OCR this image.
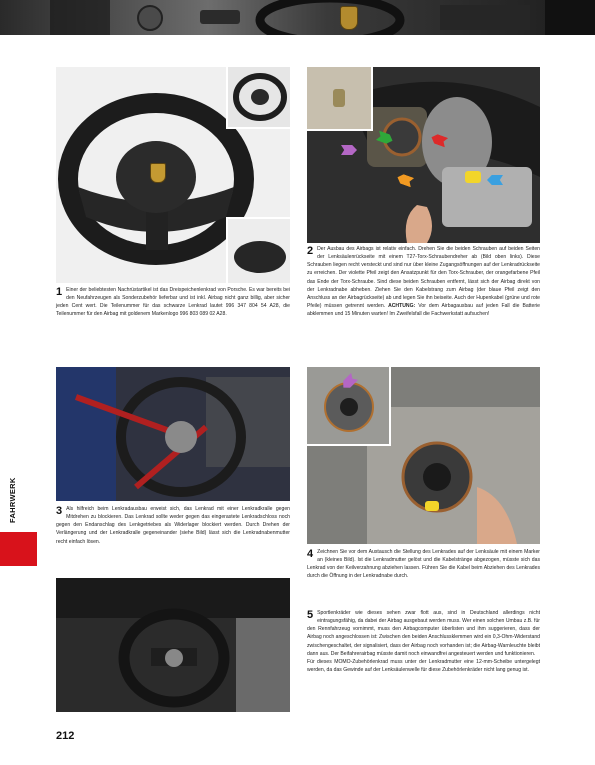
1 Einer der beliebtesten Nachrüstartikel ist das Dreispeichenlenkrad von Porsche. Es war bereits bei den Neufahrzeugen als Sonderzubehör lieferbar und ist inkl. Airbag nicht ganz billig, aber sicher jeden Cent wert. Die Teilenummer für das schwarze Lenkrad lautet 996 347 804 54 A28, die Teilenummer für den Airbag mit goldenem Markenlogo 996 803 089 02 A28.
2 Der Ausbau des Airbags ist relativ einfach. Drehen Sie die beiden Schrauben auf beiden Seiten der Lenksäulenrückseite mit einem T27-Torx-Schraubendreher ab (Bild oben links). Diese Schrauben liegen recht versteckt und sind nur über kleine Zugangsöffnungen auf der Lenkradrückseite zu erreichen. Der violette Pfeil zeigt den Ansatzpunkt für den Torx-Schrauber, der orangefarbene Pfeil das Ende der Torx-Schraube. Sind diese beiden Schrauben entfernt, lässt sich der Airbag direkt von der Lenkradnabe abheben. Ziehen Sie den Kabelstrang zum Airbag (der blaue Pfeil zeigt den Anschluss an der Airbagrückseite) ab und legen Sie ihn beiseite. Auch der Hupenkabel (grüne und rote Pfeile) müssen getrennt werden. ACHTUNG: Vor dem Airbagausbau auf jeden Fall die Batterie abklemmen und 15 Minuten warten! Im Zweifelsfall die Fachwerkstatt aufsuchen!
3 Als hilfreich beim Lenkradausbau erweist sich, das Lenkrad mit einer Lenkradkralle gegen Mitdrehen zu blockieren. Das Lenkrad sollte weder gegen das eingerastete Lenkradschloss noch gegen den Endanschlag des Lenkgetriebes als Widerlager blockiert werden. Durch Drehen der Verlängerung und der Lenkradkralle gegeneinander (siehe Bild) lässt sich die Lenkradnabenmutter recht einfach lösen.
4 Zeichnen Sie vor dem Austausch die Stellung des Lenkrades auf der Lenksäule mit einem Marker an (kleines Bild). Ist die Lenkradmutter gelöst und die Kabelstränge abgezogen, müsste sich das Lenkrad von der Keilverzahnung abziehen lassen. Führen Sie die Kabel beim Abziehen des Lenkrades durch die Öffnung in der Lenkradnabe durch.
5 Sportlenkräder wie dieses sehen zwar flott aus, sind in Deutschland allerdings nicht eintragungsfähig, da dabei der Airbag ausgebaut werden muss. Wer einen solchen Umbau z.B. für den Rennfahrzeug vornimmt, muss den Airbagcomputer überlisten und ihm suggerieren, dass der Airbag noch angeschlossen ist: Zwischen den beiden Anschlussklemmen wird ein 0,3-Ohm-Widerstand zwischengeschaltet, der signalisiert, dass der Airbag noch vorhanden ist; die Airbag-Warnleuchte bleibt dann aus. Der Beifahrerairbag müsste damit noch einwandfrei angesteuert werden und funktionieren.

Für dieses MOMO-Zubehörlenkrad muss unter der Lenkradmutter eine 12-mm-Scheibe untergelegt werden, da das Gewinde auf der Lenksäulenwelle für diese Zubehörlenkräder nicht lang genug ist.

FAHRWERK
212
